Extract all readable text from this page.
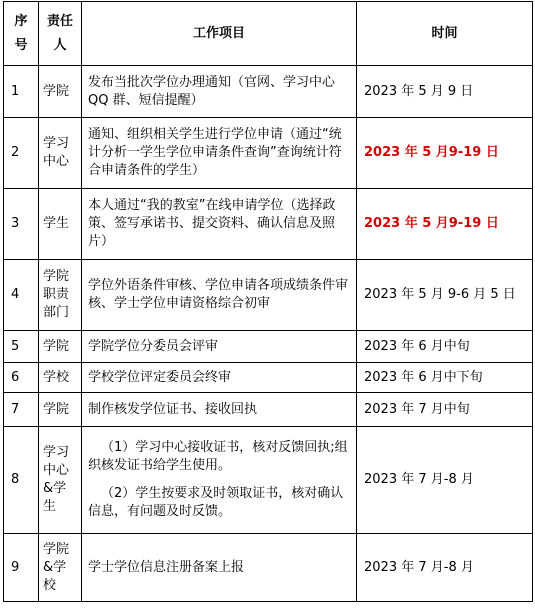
序号	责任人	工作项目	时间
1	学院	发布当批次学位办理通知（官网、学习中心 QQ 群、短信提醒）	2023 年 5 月 9 日
2	学习中心	通知、组织相关学生进行学位申请（通过“统计分析一学生学位申请条件查询”查询统计符合申请条件的学生）	2023 年 5 月9-19 日
3	学生	本人通过“我的教室”在线申请学位（选择政策、签写承诺书、提交资料、确认信息及照片）	2023 年 5 月9-19 日
4	学院职责部门	学位外语条件审核、学位申请各项成绩条件审核、学士学位申请资格综合初审	2023 年 5 月 9-6 月 5 日
5	学院	学院学位分委员会评审	2023 年 6 月中旬
6	学校	学校学位评定委员会终审	2023 年 6 月中下旬
7	学院	制作核发学位证书、接收回执	2023 年 7 月中旬
8	学习中心&学生	（1）学习中心接收证书，核对反馈回执;组织核发证书给学生使用。

（2）学生按要求及时领取证书，核对确认信息，有问题及时反馈。	2023 年 7 月-8 月
9	学院&学校	学士学位信息注册备案上报	2023 年 7 月-8 月
